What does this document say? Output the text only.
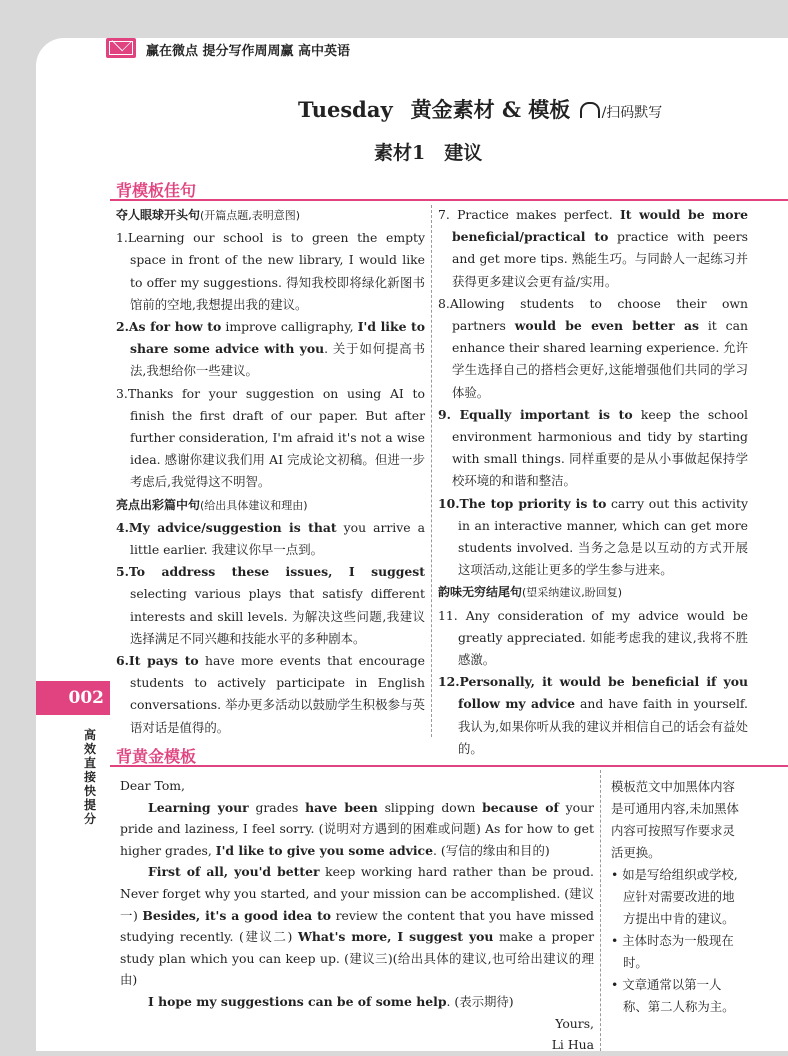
赢在微点 提分写作周周赢 高中英语
Tuesday 黄金素材 & 模板 /扫码默写
素材1　建议
背模板佳句

夺人眼球开头句(开篇点题,表明意图)

1.Learning our school is to green the empty space in front of the new library, I would like to offer my suggestions. 得知我校即将绿化新图书馆前的空地,我想提出我的建议。

2.As for how to improve calligraphy, I'd like to share some advice with you. 关于如何提高书法,我想给你一些建议。

3.Thanks for your suggestion on using AI to finish the first draft of our paper. But after further consideration, I'm afraid it's not a wise idea. 感谢你建议我们用 AI 完成论文初稿。但进一步考虑后,我觉得这不明智。

亮点出彩篇中句(给出具体建议和理由)

4.My advice/suggestion is that you arrive a little earlier. 我建议你早一点到。

5.To address these issues, I suggest selecting various plays that satisfy different interests and skill levels. 为解决这些问题,我建议选择满足不同兴趣和技能水平的多种剧本。

6.It pays to have more events that encourage students to actively participate in English conversations. 举办更多活动以鼓励学生积极参与英语对话是值得的。

7. Practice makes perfect. It would be more beneficial/practical to practice with peers and get more tips. 熟能生巧。与同龄人一起练习并获得更多建议会更有益/实用。

8.Allowing students to choose their own partners would be even better as it can enhance their shared learning experience. 允许学生选择自己的搭档会更好,这能增强他们共同的学习体验。

9. Equally important is to keep the school environment harmonious and tidy by starting with small things. 同样重要的是从小事做起保持学校环境的和谐和整洁。

10.The top priority is to carry out this activity in an interactive manner, which can get more students involved. 当务之急是以互动的方式开展这项活动,这能让更多的学生参与进来。

韵味无穷结尾句(望采纳建议,盼回复)

11. Any consideration of my advice would be greatly appreciated. 如能考虑我的建议,我将不胜感激。

12.Personally, it would be beneficial if you follow my advice and have faith in yourself. 我认为,如果你听从我的建议并相信自己的话会有益处的。

002
高效 直接 快提分
背黄金模板

Dear Tom,

Learning your grades have been slipping down because of your pride and laziness, I feel sorry. (说明对方遇到的困难或问题) As for how to get higher grades, I'd like to give you some advice. (写信的缘由和目的)

First of all, you'd better keep working hard rather than be proud. Never forget why you started, and your mission can be accomplished. (建议一) Besides, it's a good idea to review the content that you have missed studying recently. (建议二) What's more, I suggest you make a proper study plan which you can keep up. (建议三)(给出具体的建议,也可给出建议的理由)

I hope my suggestions can be of some help. (表示期待)

Yours,

Li Hua

模板范文中加黑体内容是可通用内容,未加黑体内容可按照写作要求灵活更换。

• 如是写给组织或学校,应针对需要改进的地方提出中肯的建议。

• 主体时态为一般现在时。

• 文章通常以第一人称、第二人称为主。
